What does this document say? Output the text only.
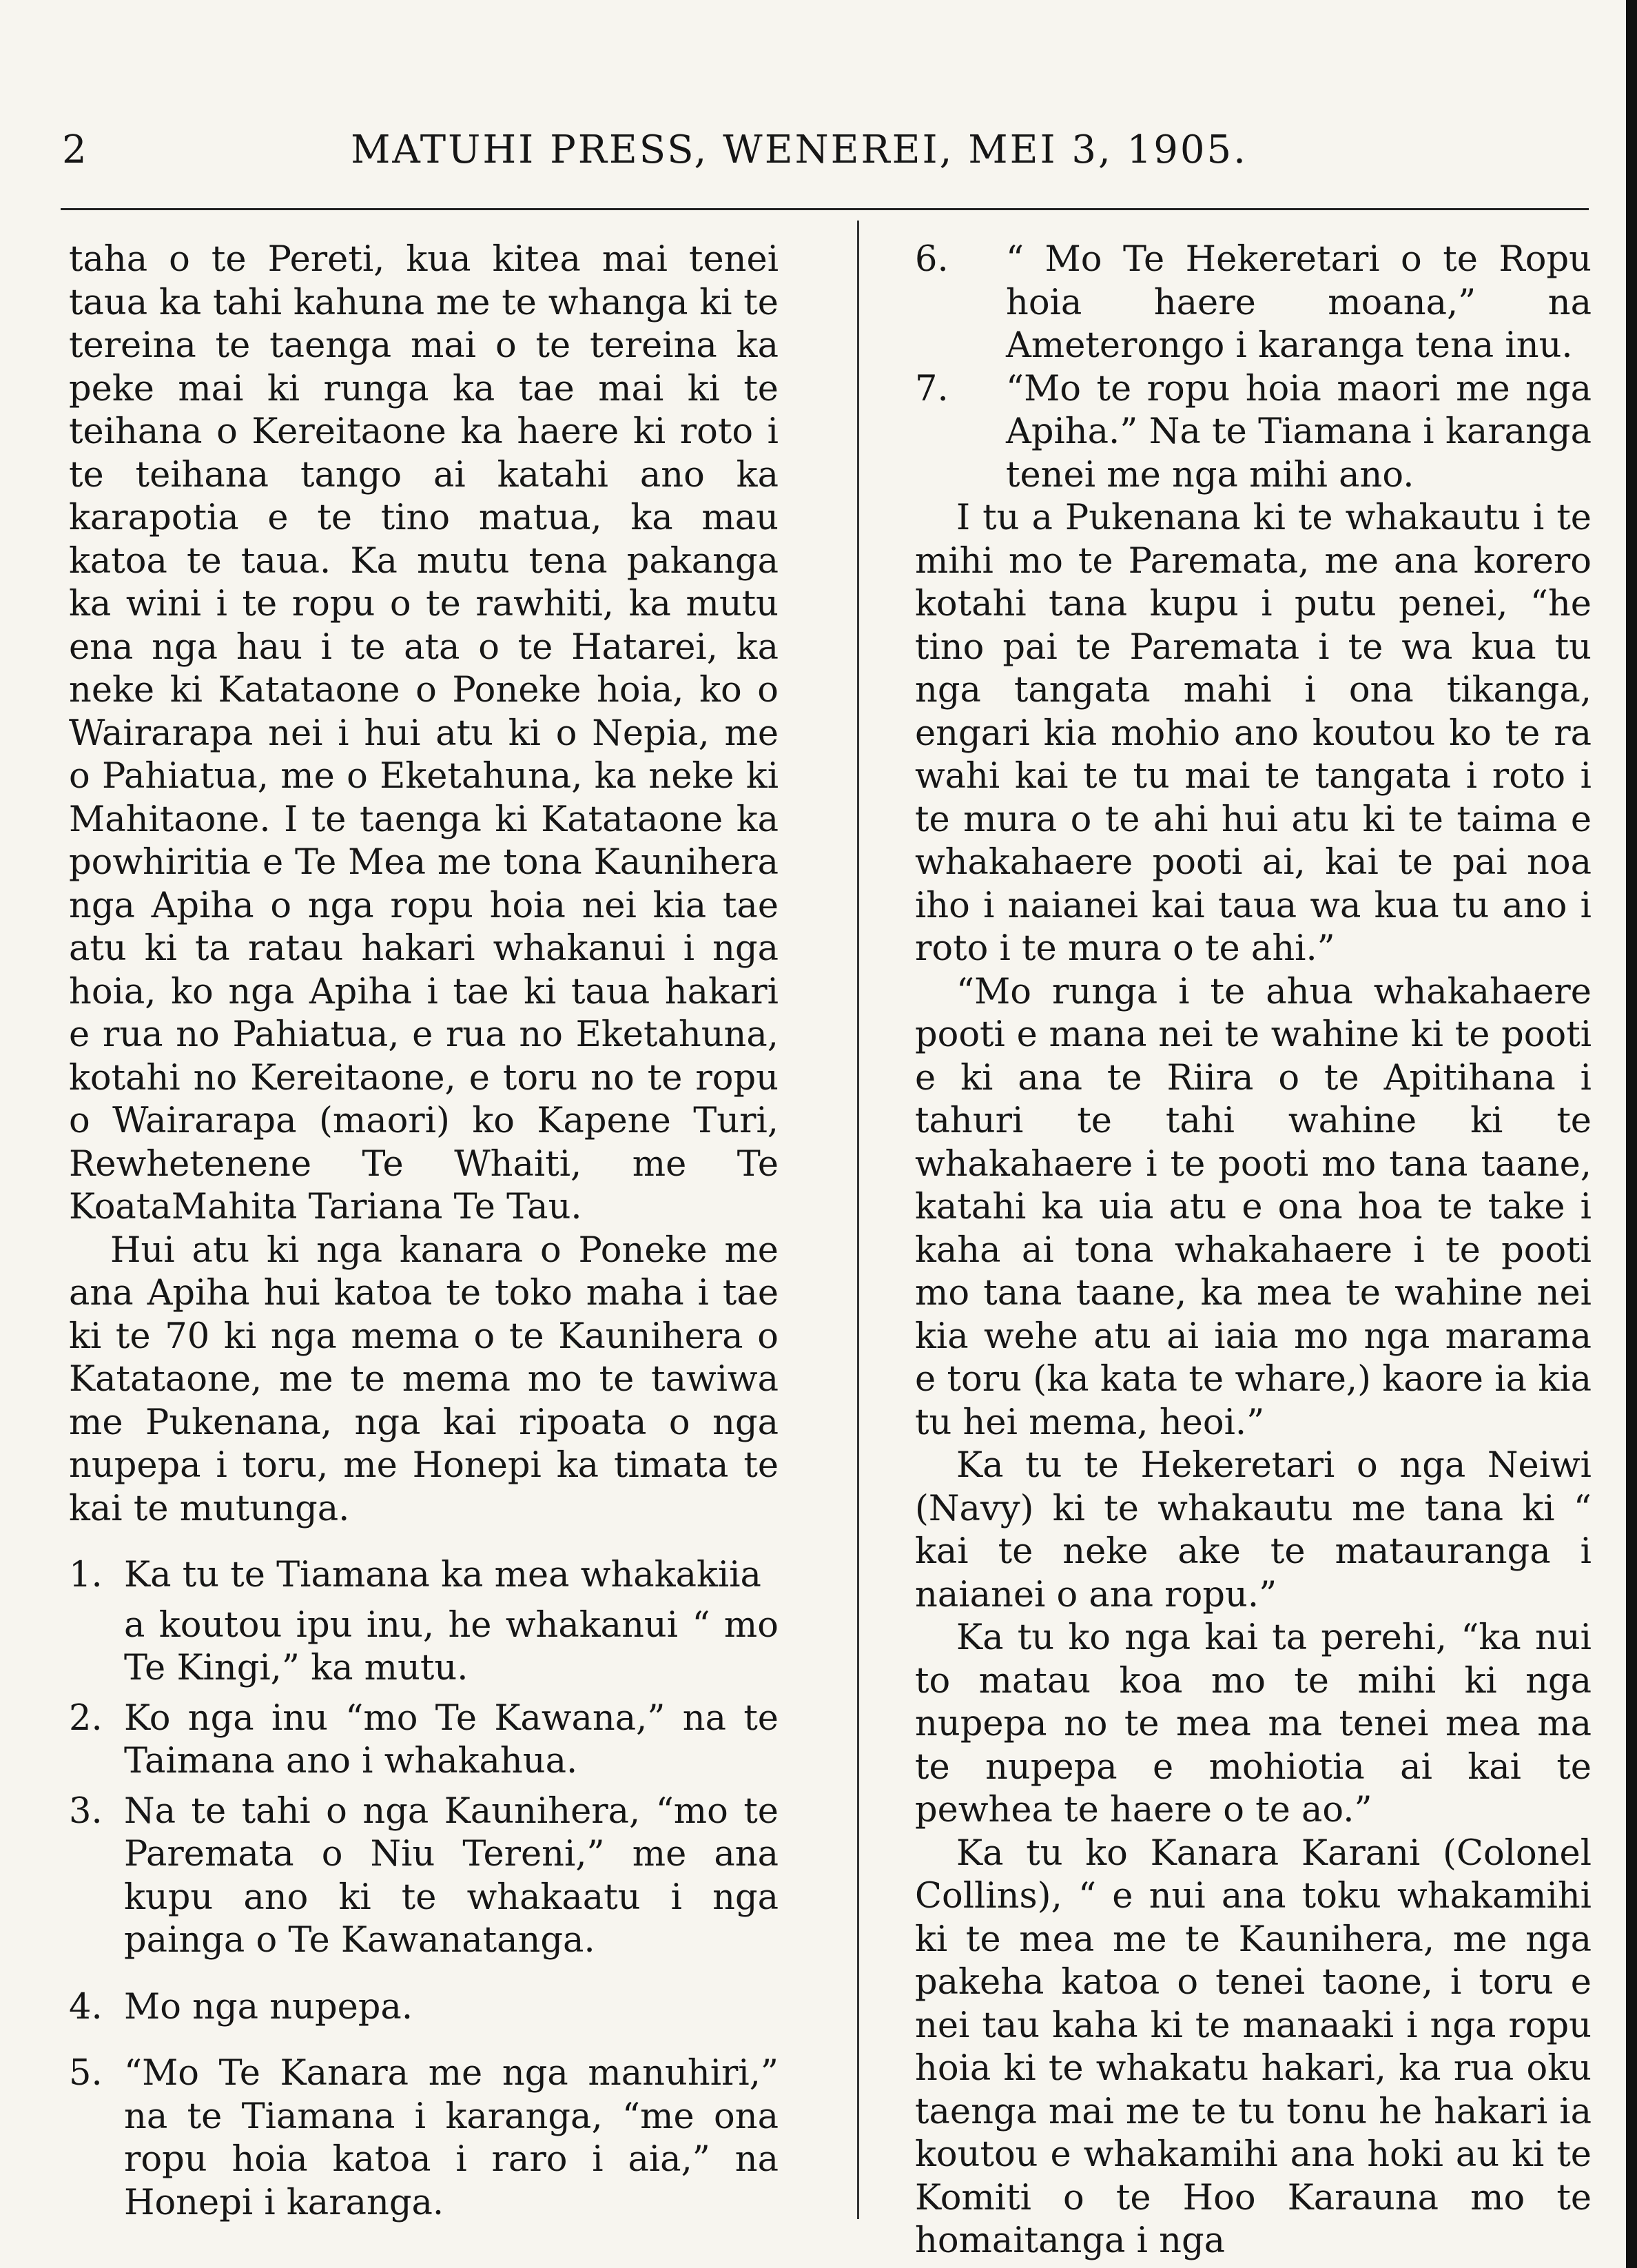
MATUHI PRESS, WENEREI, MEI 3, 1905.
2
taha o te Pereti, kua kitea mai tenei taua ka tahi kahuna me te whanga ki te tereina te taenga mai o te tereina ka peke mai ki runga ka tae mai ki te teihana o Kereitaone ka haere ki roto i te teihana tango ai katahi ano ka karapotia e te tino matua, ka mau katoa te taua. Ka mutu tena pakanga ka wini i te ropu o te rawhiti, ka mutu ena nga hau i te ata o te Hatarei, ka neke ki Katataone o Poneke hoia, ko o Wairarapa nei i hui atu ki o Nepia, me o Pahiatua, me o Eketahuna, ka neke ki Mahitaone. I te taenga ki Katataone ka powhiritia e Te Mea me tona Kaunihera nga Apiha o nga ropu hoia nei kia tae atu ki ta ratau hakari whakanui i nga hoia, ko nga Apiha i tae ki taua hakari e rua no Pahiatua, e rua no Eketahuna, kotahi no Kereitaone, e toru no te ropu o Wairarapa (maori) ko Kapene Turi, Rewhetenene Te Whaiti, me Te KoataMahita Tariana Te Tau.
Hui atu ki nga kanara o Poneke me ana Apiha hui katoa te toko maha i tae ki te 70 ki nga mema o te Kaunihera o Katataone, me te mema mo te tawiwa me Pukenana, nga kai ripoata o nga nupepa i toru, me Honepi ka timata te kai te mutunga.
1. Ka tu te Tiamana ka mea whakakiia
a koutou ipu inu, he whakanui “ mo Te Kingi,” ka mutu.
2. Ko nga inu “mo Te Kawana,” na te Taimana ano i whakahua.
3. Na te tahi o nga Kaunihera, “mo te Paremata o Niu Tereni,” me ana kupu ano ki te whakaatu i nga painga o Te Kawanatanga.
4. Mo nga nupepa.
5. “Mo Te Kanara me nga manuhiri,” na te Tiamana i karanga, “me ona ropu hoia katoa i raro i aia,” na Honepi i karanga.
6. “ Mo Te Hekeretari o te Ropu hoia haere moana,” na Ameterongo i karanga tena inu.
7. “Mo te ropu hoia maori me nga Apiha.” Na te Tiamana i karanga tenei me nga mihi ano.
I tu a Pukenana ki te whakautu i te mihi mo te Paremata, me ana korero kotahi tana kupu i putu penei, “he tino pai te Paremata i te wa kua tu nga tangata mahi i ona tikanga, engari kia mohio ano koutou ko te ra wahi kai te tu mai te tangata i roto i te mura o te ahi hui atu ki te taima e whakahaere pooti ai, kai te pai noa iho i naianei kai taua wa kua tu ano i roto i te mura o te ahi.”
“Mo runga i te ahua whakahaere pooti e mana nei te wahine ki te pooti e ki ana te Riira o te Apitihana i tahuri te tahi wahine ki te whakahaere i te pooti mo tana taane, katahi ka uia atu e ona hoa te take i kaha ai tona whakahaere i te pooti mo tana taane, ka mea te wahine nei kia wehe atu ai iaia mo nga marama e toru (ka kata te whare,) kaore ia kia tu hei mema, heoi.”
Ka tu te Hekeretari o nga Neiwi (Navy) ki te whakautu me tana ki “ kai te neke ake te matauranga i naianei o ana ropu.”
Ka tu ko nga kai ta perehi, “ka nui to matau koa mo te mihi ki nga nupepa no te mea ma tenei mea ma te nupepa e mohiotia ai kai te pewhea te haere o te ao.”
Ka tu ko Kanara Karani (Colonel Collins), “ e nui ana toku whakamihi ki te mea me te Kaunihera, me nga pakeha katoa o tenei taone, i toru e nei tau kaha ki te manaaki i nga ropu hoia ki te whakatu hakari, ka rua oku taenga mai me te tu tonu he hakari ia koutou e whakamihi ana hoki au ki te Komiti o te Hoo Karauna mo te homaitanga i nga
